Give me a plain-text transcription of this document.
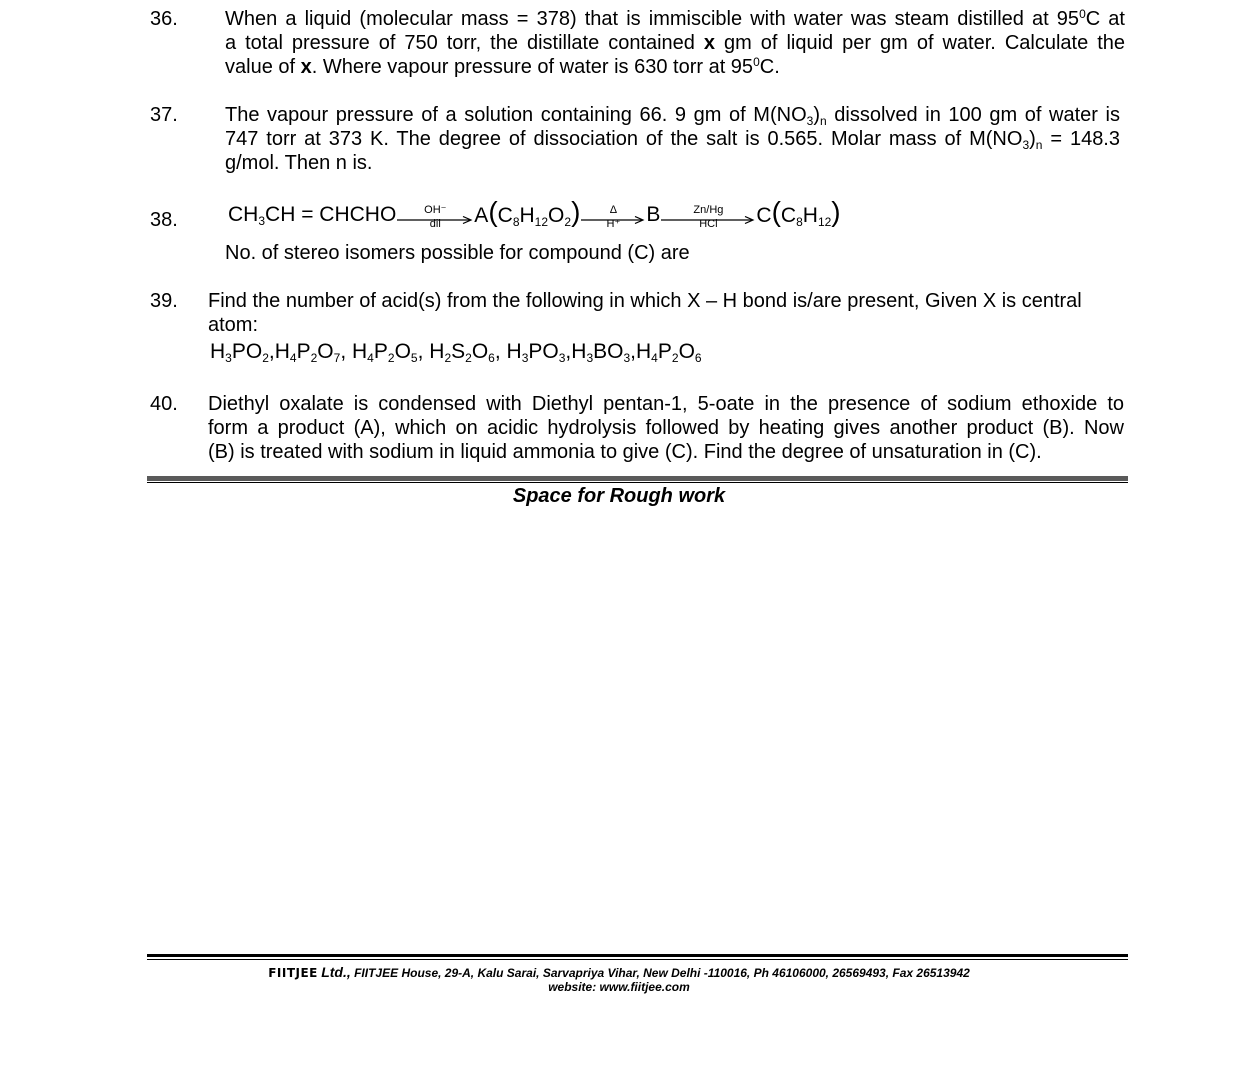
36. When a liquid (molecular mass = 378) that is immiscible with water was steam distilled at $95^0C$ at

a total pressure of 750 torr, the distillate contained x gm of liquid per gm of water. Calculate the

value of x. Where vapour pressure of water is 630 torr at $95^0C$.

37. The vapour pressure of a solution containing 66. 9 gm of $M(NO_3)_n$ dissolved in 100 gm of water is

747 torr at 373 K. The degree of dissociation of the salt is 0.565. Molar mass of $M(NO_3)_n = 148.3$

g/mol. Then n is.

38. $CH_3CH$ = CHCHO	OH⁻
dil $A(C_8H_{12}O_2)$	Δ
H⁺ B	Zn/Hg
HCl $C(C_8H_{12})$

No. of stereo isomers possible for compound (C) are

39. Find the number of acid(s) from the following in which X – H bond is/are present, Given X is central

atom:

$H_3PO_2,H_4P_2O_7$, $H_4P_2O_5$, $H_2S_2O_6$, $H_3PO_3,H_3BO_3,H_4P_2O_6$

40. Diethyl oxalate is condensed with Diethyl pentan-1, 5-oate in the presence of sodium ethoxide to

form a product (A), which on acidic hydrolysis followed by heating gives another product (B). Now

(B) is treated with sodium in liquid ammonia to give (C). Find the degree of unsaturation in (C).

Space for Rough work
FIITJEE Ltd., FIITJEE House, 29-A, Kalu Sarai, Sarvapriya Vihar, New Delhi -110016, Ph 46106000, 26569493, Fax 26513942
website: www.fiitjee.com
